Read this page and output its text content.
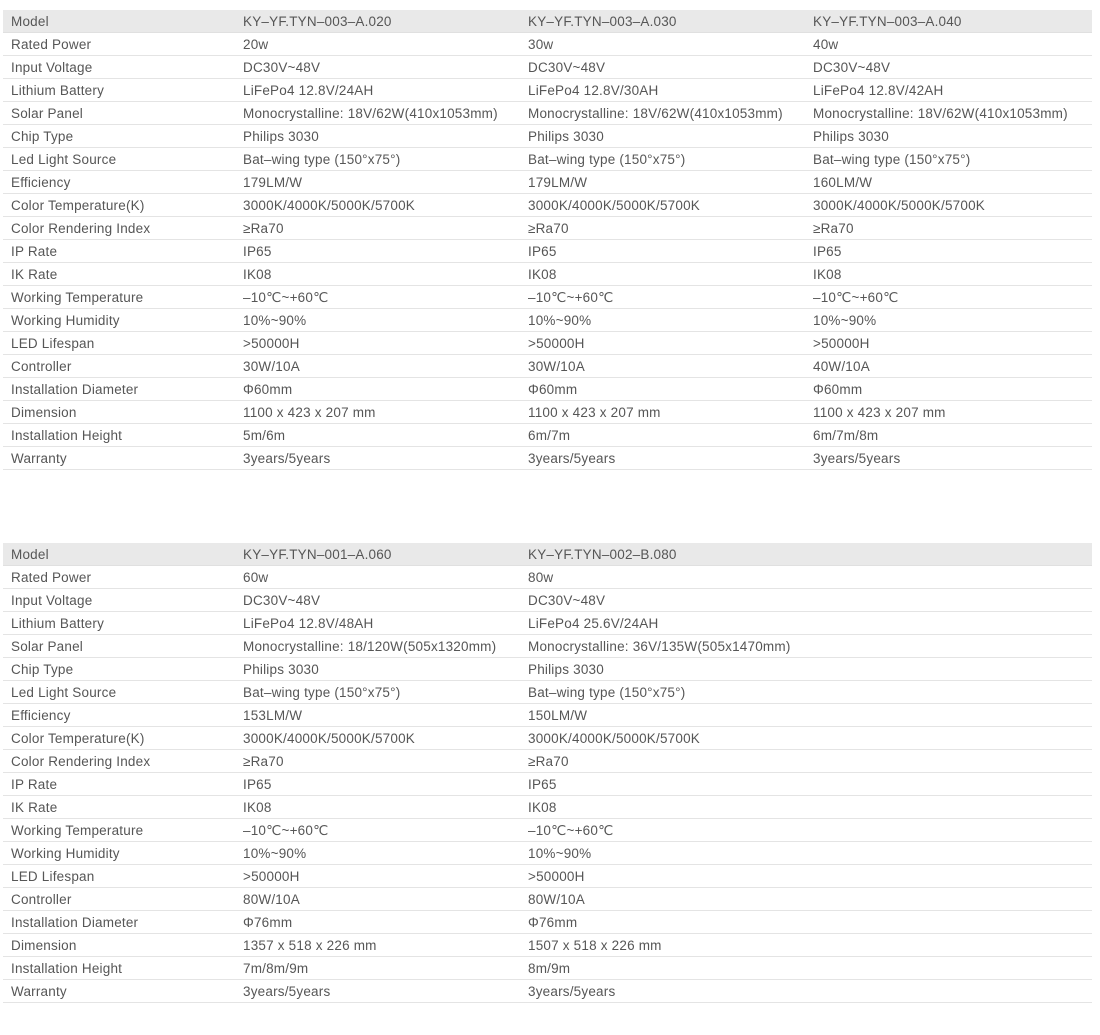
Model	KY–YF.TYN–003–A.020	KY–YF.TYN–003–A.030	KY–YF.TYN–003–A.040
Rated Power	20w	30w	40w
Input Voltage	DC30V~48V	DC30V~48V	DC30V~48V
Lithium Battery	LiFePo4 12.8V/24AH	LiFePo4 12.8V/30AH	LiFePo4 12.8V/42AH
Solar Panel	Monocrystalline: 18V/62W(410x1053mm)	Monocrystalline: 18V/62W(410x1053mm)	Monocrystalline: 18V/62W(410x1053mm)
Chip Type	Philips 3030	Philips 3030	Philips 3030
Led Light Source	Bat–wing type (150°x75°)	Bat–wing type (150°x75°)	Bat–wing type (150°x75°)
Efficiency	179LM/W	179LM/W	160LM/W
Color Temperature(K)	3000K/4000K/5000K/5700K	3000K/4000K/5000K/5700K	3000K/4000K/5000K/5700K
Color Rendering Index	≥Ra70	≥Ra70	≥Ra70
IP Rate	IP65	IP65	IP65
IK Rate	IK08	IK08	IK08
Working Temperature	–10℃~+60℃	–10℃~+60℃	–10℃~+60℃
Working Humidity	10%~90%	10%~90%	10%~90%
LED Lifespan	>50000H	>50000H	>50000H
Controller	30W/10A	30W/10A	40W/10A
Installation Diameter	Φ60mm	Φ60mm	Φ60mm
Dimension	1100 x 423 x 207 mm	1100 x 423 x 207 mm	1100 x 423 x 207 mm
Installation Height	5m/6m	6m/7m	6m/7m/8m
Warranty	3years/5years	3years/5years	3years/5years
Model	KY–YF.TYN–001–A.060	KY–YF.TYN–002–B.080
Rated Power	60w	80w
Input Voltage	DC30V~48V	DC30V~48V
Lithium Battery	LiFePo4 12.8V/48AH	LiFePo4 25.6V/24AH
Solar Panel	Monocrystalline: 18/120W(505x1320mm)	Monocrystalline: 36V/135W(505x1470mm)
Chip Type	Philips 3030	Philips 3030
Led Light Source	Bat–wing type (150°x75°)	Bat–wing type (150°x75°)
Efficiency	153LM/W	150LM/W
Color Temperature(K)	3000K/4000K/5000K/5700K	3000K/4000K/5000K/5700K
Color Rendering Index	≥Ra70	≥Ra70
IP Rate	IP65	IP65
IK Rate	IK08	IK08
Working Temperature	–10℃~+60℃	–10℃~+60℃
Working Humidity	10%~90%	10%~90%
LED Lifespan	>50000H	>50000H
Controller	80W/10A	80W/10A
Installation Diameter	Φ76mm	Φ76mm
Dimension	1357 x 518 x 226 mm	1507 x 518 x 226 mm
Installation Height	7m/8m/9m	8m/9m
Warranty	3years/5years	3years/5years
